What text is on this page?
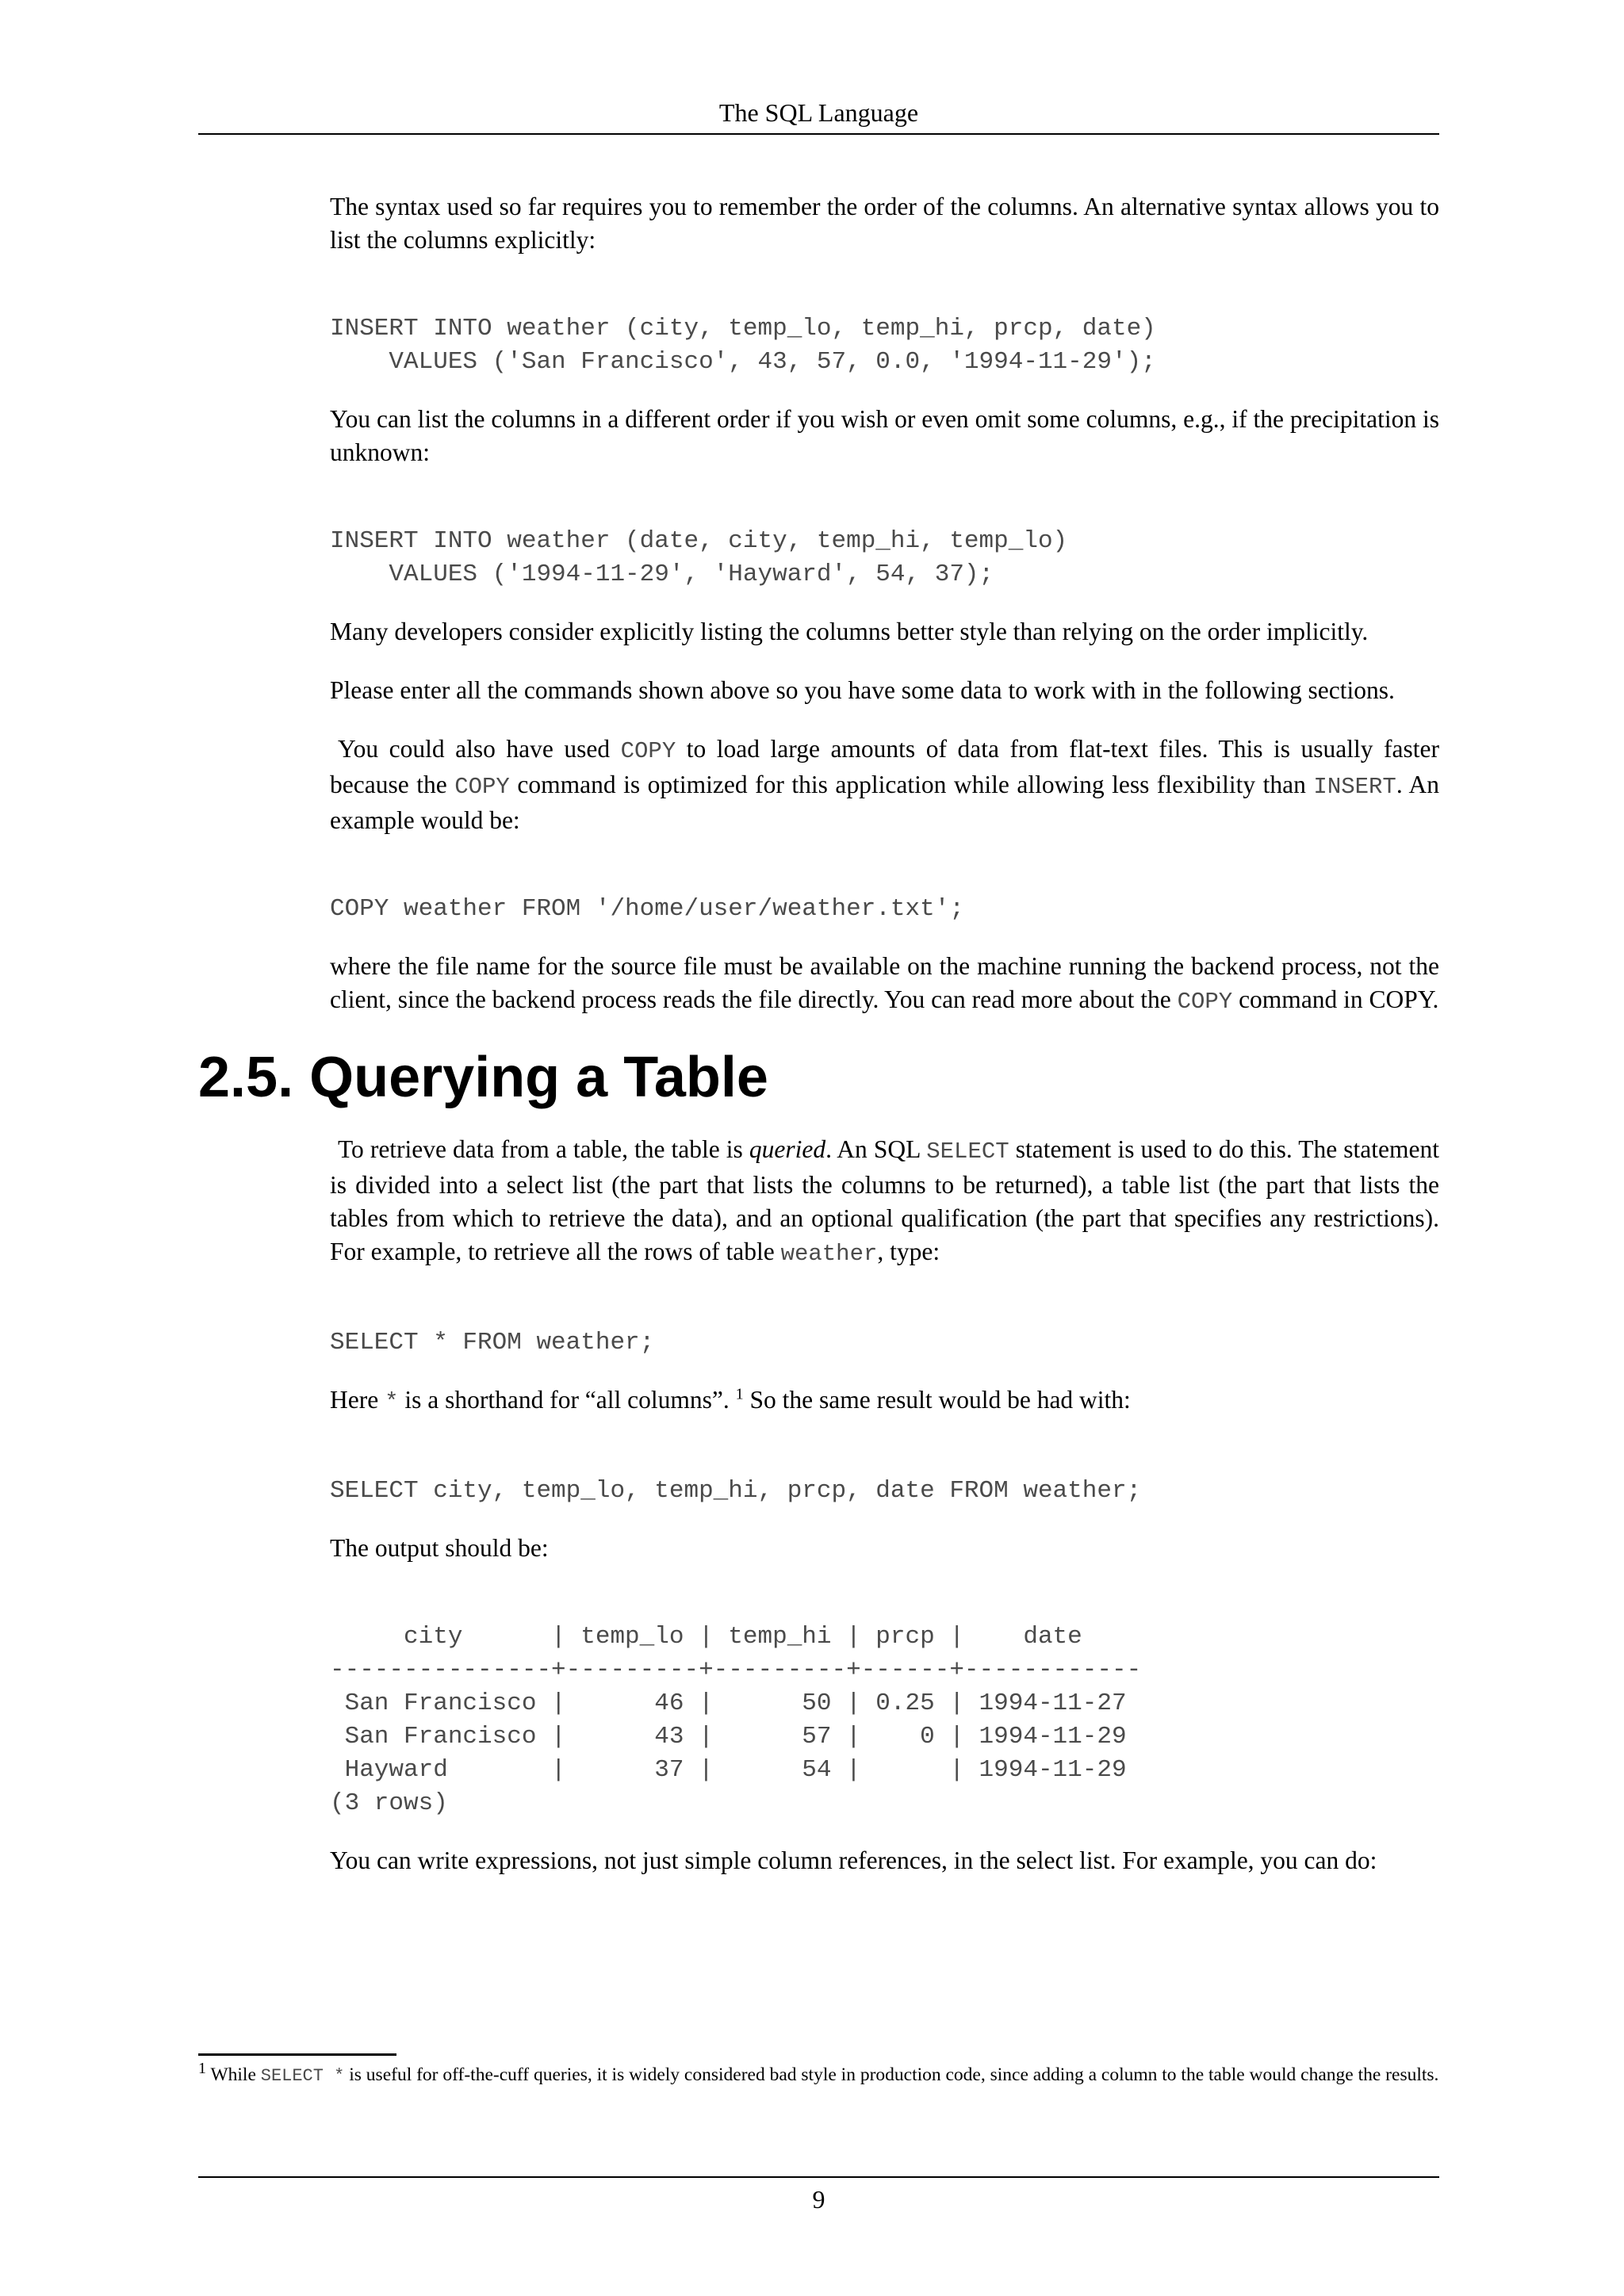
The SQL Language

The syntax used so far requires you to remember the order of the columns. An alternative syntax allows you to list the columns explicitly:

INSERT INTO weather (city, temp_lo, temp_hi, prcp, date)
VALUES ('San Francisco', 43, 57, 0.0, '1994-11-29');

You can list the columns in a different order if you wish or even omit some columns, e.g., if the precipitation is unknown:

INSERT INTO weather (date, city, temp_hi, temp_lo)
VALUES ('1994-11-29', 'Hayward', 54, 37);

Many developers consider explicitly listing the columns better style than relying on the order implicitly.

Please enter all the commands shown above so you have some data to work with in the following sections.

You could also have used COPY to load large amounts of data from flat-text files. This is usually faster because the COPY command is optimized for this application while allowing less flexibility than INSERT. An example would be:

COPY weather FROM '/home/user/weather.txt';

where the file name for the source file must be available on the machine running the backend process, not the client, since the backend process reads the file directly. You can read more about the COPY command in COPY.

2.5. Querying a Table

To retrieve data from a table, the table is queried. An SQL SELECT statement is used to do this. The statement is divided into a select list (the part that lists the columns to be returned), a table list (the part that lists the tables from which to retrieve the data), and an optional qualification (the part that specifies any restrictions). For example, to retrieve all the rows of table weather, type:

SELECT * FROM weather;

Here * is a shorthand for “all columns”. $^1$ So the same result would be had with:

SELECT city, temp_lo, temp_hi, prcp, date FROM weather;

The output should be:

city      | temp_lo | temp_hi | prcp |    date
---------------+---------+---------+------+------------
San Francisco |      46 |      50 | 0.25 | 1994-11-27
San Francisco |      43 |      57 |    0 | 1994-11-29
Hayward       |      37 |      54 |      | 1994-11-29
(3 rows)

You can write expressions, not just simple column references, in the select list. For example, you can do:

$^1$ While SELECT * is useful for off-the-cuff queries, it is widely considered bad style in production code, since adding a column to the table would change the results.
9
